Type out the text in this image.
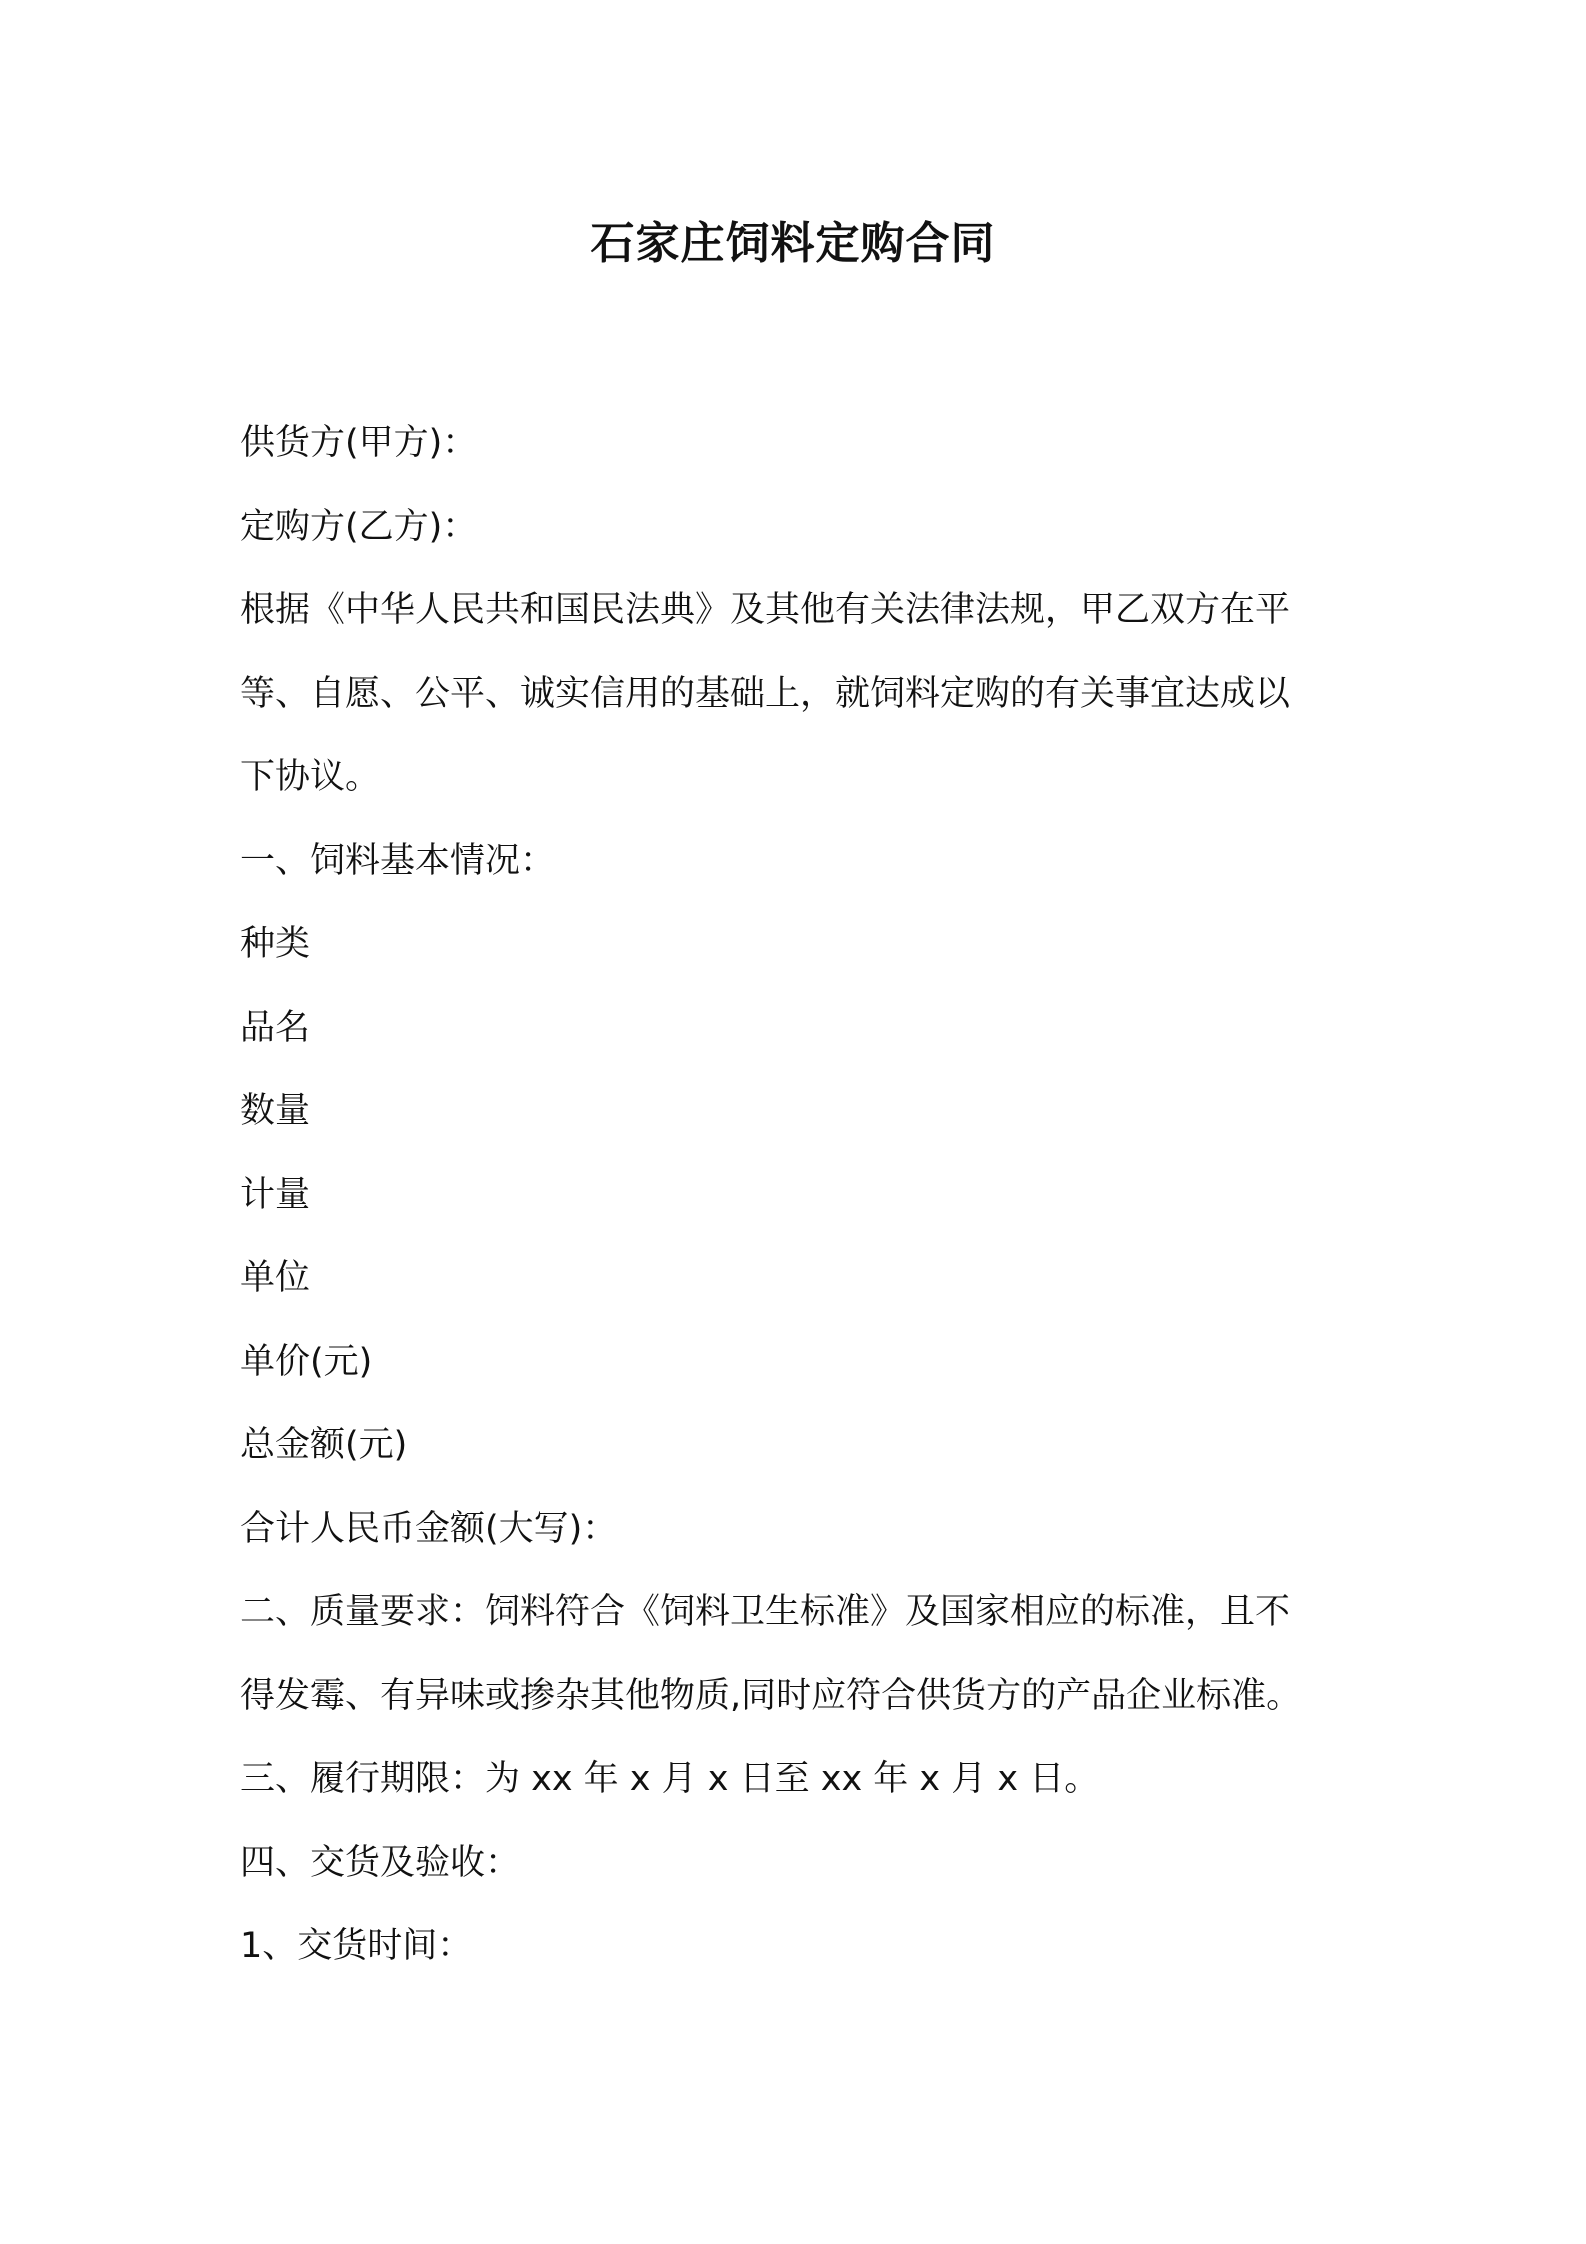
石家庄饲料定购合同
供货方(甲方)：
定购方(乙方)：
根据《中华人民共和国民法典》及其他有关法律法规，甲乙双方在平
等、自愿、公平、诚实信用的基础上，就饲料定购的有关事宜达成以
下协议。
一、饲料基本情况：
种类
品名
数量
计量
单位
单价(元)
总金额(元)
合计人民币金额(大写)：
二、质量要求：饲料符合《饲料卫生标准》及国家相应的标准，且不
得发霉、有异味或掺杂其他物质,同时应符合供货方的产品企业标准。
三、履行期限：为 xx 年 x 月 x 日至 xx 年 x 月 x 日。
四、交货及验收：
1、交货时间：
